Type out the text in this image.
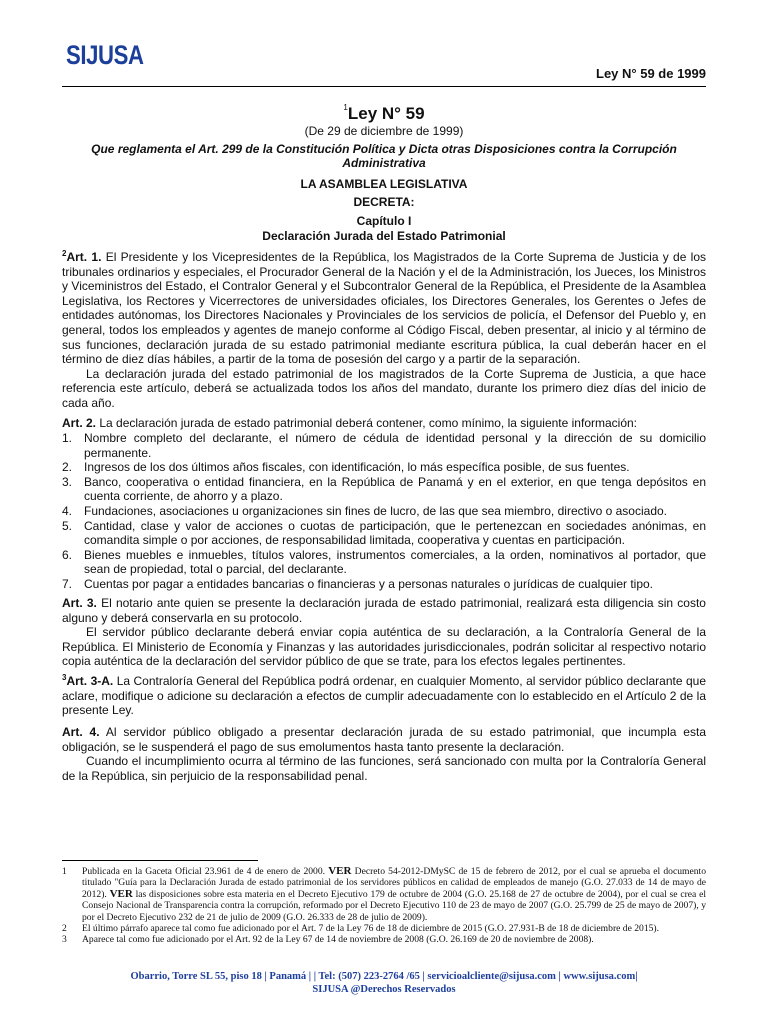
SIJUSA
Ley N° 59 de 1999
$^1$Ley N° 59
(De 29 de diciembre de 1999)
Que reglamenta el Art. 299 de la Constitución Política y Dicta otras Disposiciones contra la Corrupción Administrativa
LA ASAMBLEA LEGISLATIVA
DECRETA:
Capítulo I
Declaración Jurada del Estado Patrimonial
$^2$Art. 1. El Presidente y los Vicepresidentes de la República, los Magistrados de la Corte Suprema de Justicia y de los tribunales ordinarios y especiales, el Procurador General de la Nación y el de la Administración, los Jueces, los Ministros y Viceministros del Estado, el Contralor General y el Subcontralor General de la República, el Presidente de la Asamblea Legislativa, los Rectores y Vicerrectores de universidades oficiales, los Directores Generales, los Gerentes o Jefes de entidades autónomas, los Directores Nacionales y Provinciales de los servicios de policía, el Defensor del Pueblo y, en general, todos los empleados y agentes de manejo conforme al Código Fiscal, deben presentar, al inicio y al término de sus funciones, declaración jurada de su estado patrimonial mediante escritura pública, la cual deberán hacer en el término de diez días hábiles, a partir de la toma de posesión del cargo y a partir de la separación.
La declaración jurada del estado patrimonial de los magistrados de la Corte Suprema de Justicia, a que hace referencia este artículo, deberá se actualizada todos los años del mandato, durante los primero diez días del inicio de cada año.
Art. 2. La declaración jurada de estado patrimonial deberá contener, como mínimo, la siguiente información:
1. Nombre completo del declarante, el número de cédula de identidad personal y la dirección de su domicilio permanente.
2. Ingresos de los dos últimos años fiscales, con identificación, lo más específica posible, de sus fuentes.
3. Banco, cooperativa o entidad financiera, en la República de Panamá y en el exterior, en que tenga depósitos en cuenta corriente, de ahorro y a plazo.
4. Fundaciones, asociaciones u organizaciones sin fines de lucro, de las que sea miembro, directivo o asociado.
5. Cantidad, clase y valor de acciones o cuotas de participación, que le pertenezcan en sociedades anónimas, en comandita simple o por acciones, de responsabilidad limitada, cooperativa y cuentas en participación.
6. Bienes muebles e inmuebles, títulos valores, instrumentos comerciales, a la orden, nominativos al portador, que sean de propiedad, total o parcial, del declarante.
7. Cuentas por pagar a entidades bancarias o financieras y a personas naturales o jurídicas de cualquier tipo.
Art. 3. El notario ante quien se presente la declaración jurada de estado patrimonial, realizará esta diligencia sin costo alguno y deberá conservarla en su protocolo.
El servidor público declarante deberá enviar copia auténtica de su declaración, a la Contraloría General de la República. El Ministerio de Economía y Finanzas y las autoridades jurisdiccionales, podrán solicitar al respectivo notario copia auténtica de la declaración del servidor público de que se trate, para los efectos legales pertinentes.
$^3$Art. 3-A. La Contraloría General del República podrá ordenar, en cualquier Momento, al servidor público declarante que aclare, modifique o adicione su declaración a efectos de cumplir adecuadamente con lo establecido en el Artículo 2 de la presente Ley.
Art. 4. Al servidor público obligado a presentar declaración jurada de su estado patrimonial, que incumpla esta obligación, se le suspenderá el pago de sus emolumentos hasta tanto presente la declaración.
Cuando el incumplimiento ocurra al término de las funciones, será sancionado con multa por la Contraloría General de la República, sin perjuicio de la responsabilidad penal.
1	Publicada en la Gaceta Oficial 23.961 de 4 de enero de 2000. VER Decreto 54-2012-DMySC de 15 de febrero de 2012, por el cual se aprueba el documento titulado "Guía para la Declaración Jurada de estado patrimonial de los servidores públicos en calidad de empleados de manejo (G.O. 27.033 de 14 de mayo de 2012). VER las disposiciones sobre esta materia en el Decreto Ejecutivo 179 de octubre de 2004 (G.O. 25.168 de 27 de octubre de 2004), por el cual se crea el Consejo Nacional de Transparencia contra la corrupción, reformado por el Decreto Ejecutivo 110 de 23 de mayo de 2007 (G.O. 25.799 de 25 de mayo de 2007), y por el Decreto Ejecutivo 232 de 21 de julio de 2009 (G.O. 26.333 de 28 de julio de 2009).
2	El último párrafo aparece tal como fue adicionado por el Art. 7 de la Ley 76 de 18 de diciembre de 2015 (G.O. 27.931-B de 18 de diciembre de 2015).
3	Aparece tal como fue adicionado por el Art. 92 de la Ley 67 de 14 de noviembre de 2008 (G.O. 26.169 de 20 de noviembre de 2008).
Obarrio, Torre SL 55, piso 18 | Panamá | | Tel: (507) 223-2764 /65 | servicioalcliente@sijusa.com | www.sijusa.com|
SIJUSA @Derechos Reservados
